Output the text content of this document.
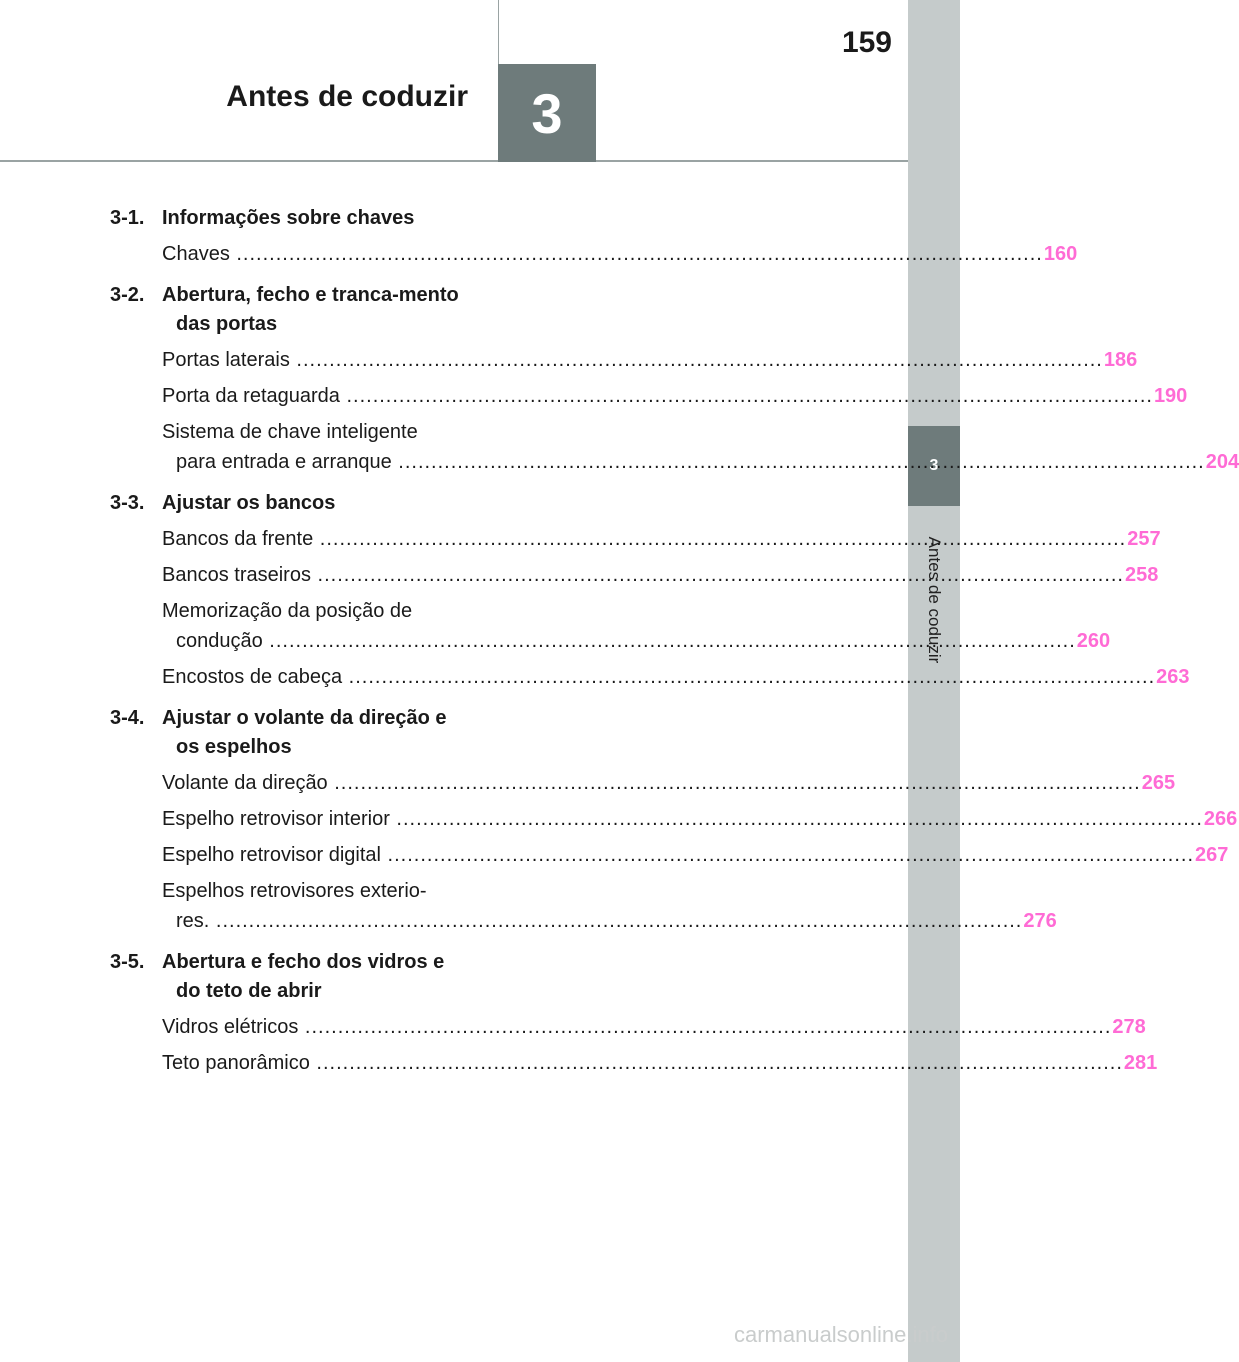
3
Antes de coduzir
Antes de coduzir	3
159
3-1. Informações sobre chaves
Chaves .....	160
3-2. Abertura, fecho e tranca-mento das portas
Portas laterais .....	186
Porta da retaguarda .....	190
Sistema de chave inteligente
para entrada e arranque .....	204
3-3. Ajustar os bancos
Bancos da frente .....	257
Bancos traseiros .....	258
Memorização da posição de
condução .....	260
Encostos de cabeça .....	263
3-4. Ajustar o volante da direção e os espelhos
Volante da direção .....	265
Espelho retrovisor interior .....	266
Espelho retrovisor digital .....	267
Espelhos retrovisores exterio-
res. .....	276
3-5. Abertura e fecho dos vidros e do teto de abrir
Vidros elétricos .....	278
Teto panorâmico .....	281
carmanualsonline.info
